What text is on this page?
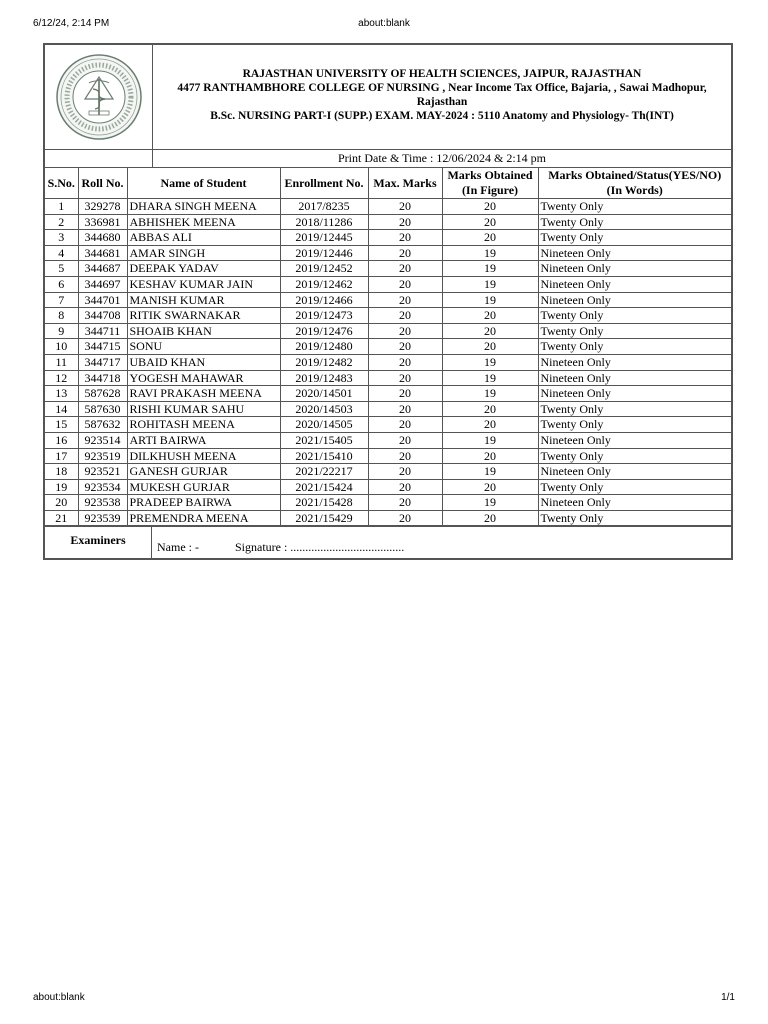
6/12/24, 2:14 PM	about:blank
RAJASTHAN UNIVERSITY OF HEALTH SCIENCES, JAIPUR, RAJASTHAN
4477 RANTHAMBHORE COLLEGE OF NURSING , Near Income Tax Office, Bajaria, , Sawai Madhopur,
Rajasthan
B.Sc. NURSING PART-I (SUPP.) EXAM. MAY-2024 : 5110 Anatomy and Physiology- Th(INT)
Print Date & Time : 12/06/2024 & 2:14 pm
S.No.	Roll No.	Name of Student	Enrollment No.	Max. Marks	Marks Obtained (In Figure)	Marks Obtained/Status(YES/NO) (In Words)
1	329278	DHARA SINGH MEENA	2017/8235	20	20	Twenty Only
2	336981	ABHISHEK MEENA	2018/11286	20	20	Twenty Only
3	344680	ABBAS ALI	2019/12445	20	20	Twenty Only
4	344681	AMAR SINGH	2019/12446	20	19	Nineteen Only
5	344687	DEEPAK YADAV	2019/12452	20	19	Nineteen Only
6	344697	KESHAV KUMAR JAIN	2019/12462	20	19	Nineteen Only
7	344701	MANISH KUMAR	2019/12466	20	19	Nineteen Only
8	344708	RITIK SWARNAKAR	2019/12473	20	20	Twenty Only
9	344711	SHOAIB KHAN	2019/12476	20	20	Twenty Only
10	344715	SONU	2019/12480	20	20	Twenty Only
11	344717	UBAID KHAN	2019/12482	20	19	Nineteen Only
12	344718	YOGESH MAHAWAR	2019/12483	20	19	Nineteen Only
13	587628	RAVI PRAKASH MEENA	2020/14501	20	19	Nineteen Only
14	587630	RISHI KUMAR SAHU	2020/14503	20	20	Twenty Only
15	587632	ROHITASH MEENA	2020/14505	20	20	Twenty Only
16	923514	ARTI BAIRWA	2021/15405	20	19	Nineteen Only
17	923519	DILKHUSH MEENA	2021/15410	20	20	Twenty Only
18	923521	GANESH GURJAR	2021/22217	20	19	Nineteen Only
19	923534	MUKESH GURJAR	2021/15424	20	20	Twenty Only
20	923538	PRADEEP BAIRWA	2021/15428	20	19	Nineteen Only
21	923539	PREMENDRA MEENA	2021/15429	20	20	Twenty Only
Examiners	Name : -	Signature : ......................................
about:blank	1/1
